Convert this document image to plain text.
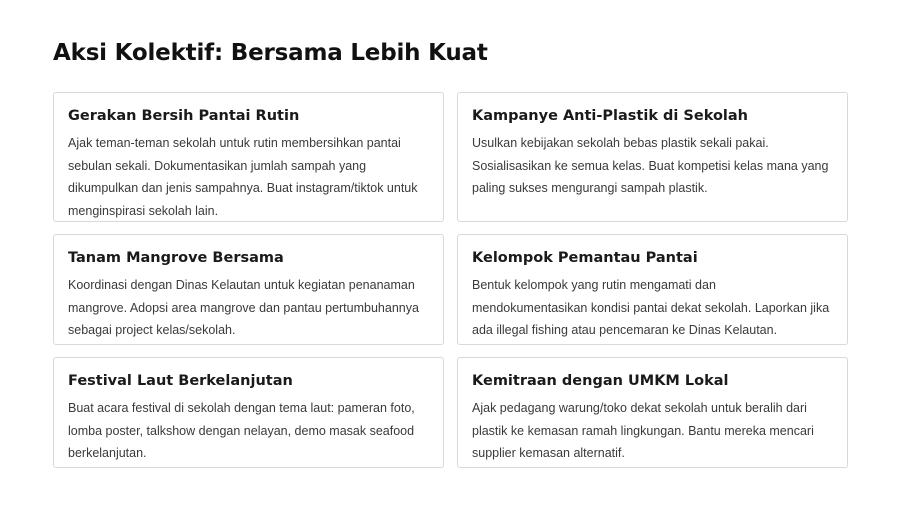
Aksi Kolektif: Bersama Lebih Kuat
Gerakan Bersih Pantai Rutin

Ajak teman-teman sekolah untuk rutin membersihkan pantai sebulan sekali. Dokumentasikan jumlah sampah yang dikumpulkan dan jenis sampahnya. Buat instagram/tiktok untuk menginspirasi sekolah lain.

Kampanye Anti-Plastik di Sekolah

Usulkan kebijakan sekolah bebas plastik sekali pakai. Sosialisasikan ke semua kelas. Buat kompetisi kelas mana yang paling sukses mengurangi sampah plastik.

Tanam Mangrove Bersama

Koordinasi dengan Dinas Kelautan untuk kegiatan penanaman mangrove. Adopsi area mangrove dan pantau pertumbuhannya sebagai project kelas/sekolah.

Kelompok Pemantau Pantai

Bentuk kelompok yang rutin mengamati dan mendokumentasikan kondisi pantai dekat sekolah. Laporkan jika ada illegal fishing atau pencemaran ke Dinas Kelautan.

Festival Laut Berkelanjutan

Buat acara festival di sekolah dengan tema laut: pameran foto, lomba poster, talkshow dengan nelayan, demo masak seafood berkelanjutan.

Kemitraan dengan UMKM Lokal

Ajak pedagang warung/toko dekat sekolah untuk beralih dari plastik ke kemasan ramah lingkungan. Bantu mereka mencari supplier kemasan alternatif.
